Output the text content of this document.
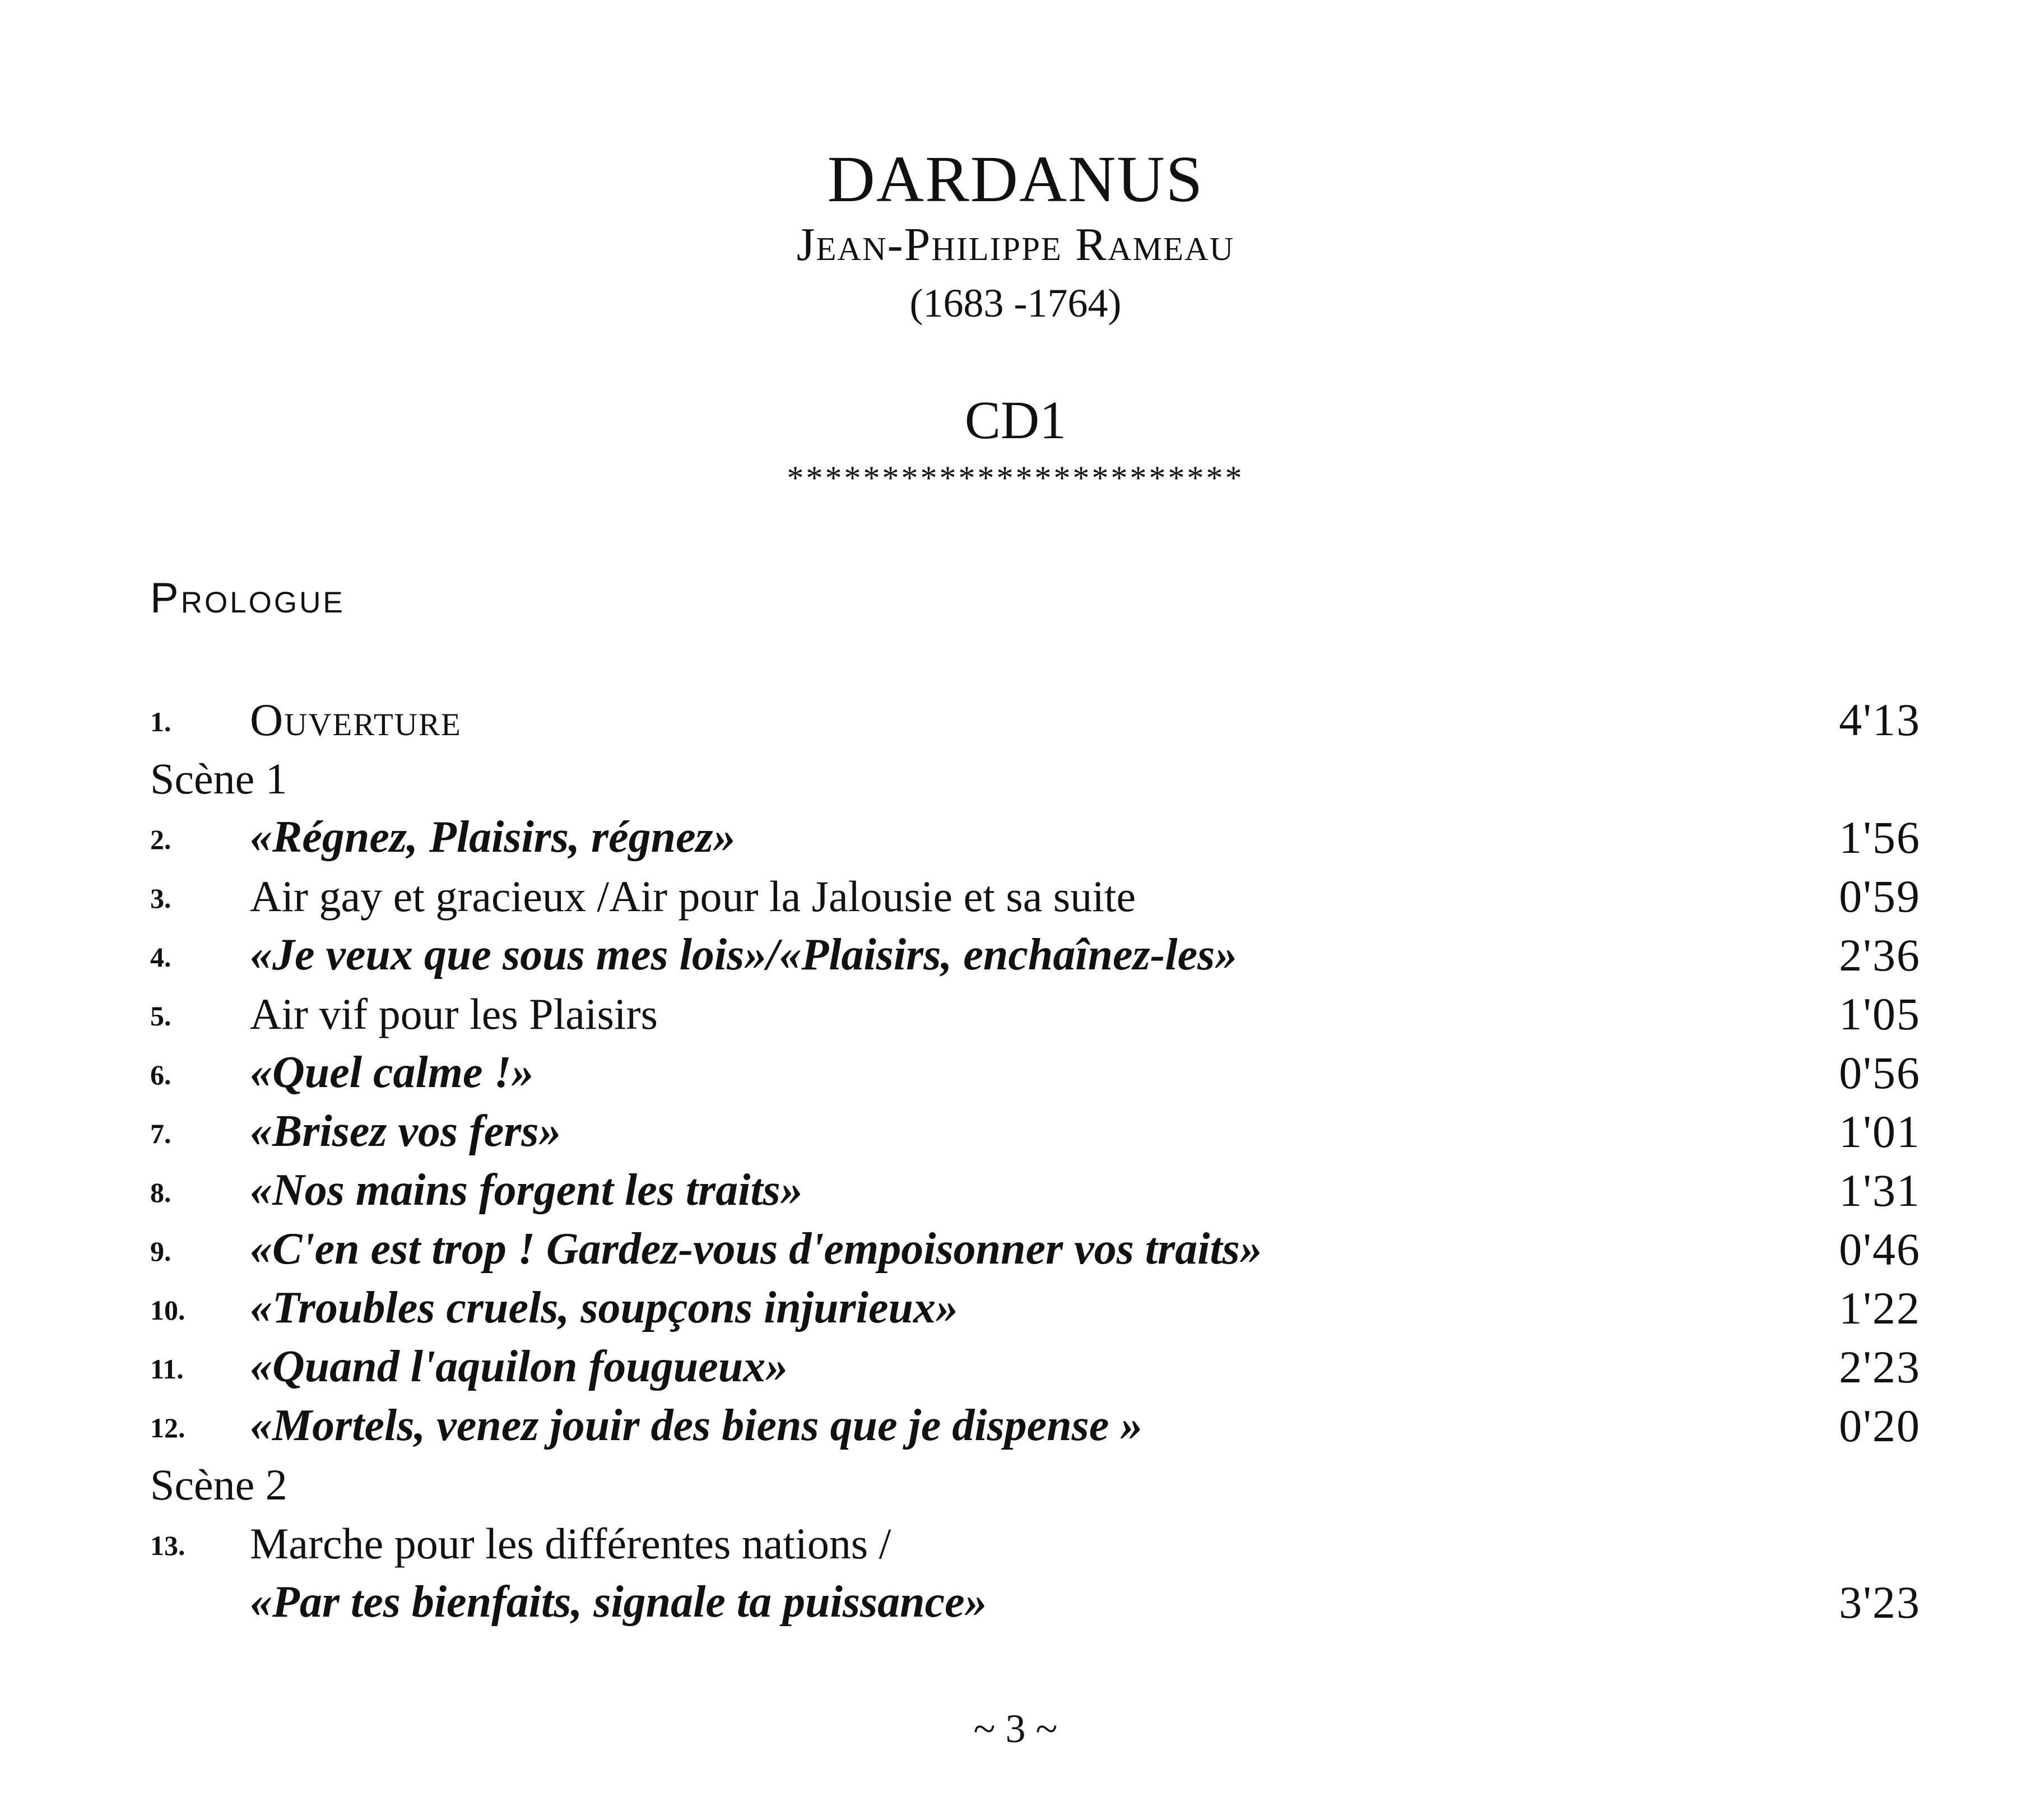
DARDANUS
Jean-Philippe Rameau
(1683 -1764)
CD1
************************
Prologue
1. Ouverture	4'13
Scène 1
2. «Régnez, Plaisirs, régnez»	1'56
3. Air gay et gracieux /Air pour la Jalousie et sa suite	0'59
4. «Je veux que sous mes lois»/«Plaisirs, enchaînez-les»	2'36
5. Air vif pour les Plaisirs	1'05
6. «Quel calme !»	0'56
7. «Brisez vos fers»	1'01
8. «Nos mains forgent les traits»	1'31
9. «C'en est trop ! Gardez-vous d'empoisonner vos traits»	0'46
10. «Troubles cruels, soupçons injurieux»	1'22
11. «Quand l'aquilon fougueux»	2'23
12. «Mortels, venez jouir des biens que je dispense »	0'20
Scène 2
13. Marche pour les différentes nations /
«Par tes bienfaits, signale ta puissance»	3'23
~ 3 ~
